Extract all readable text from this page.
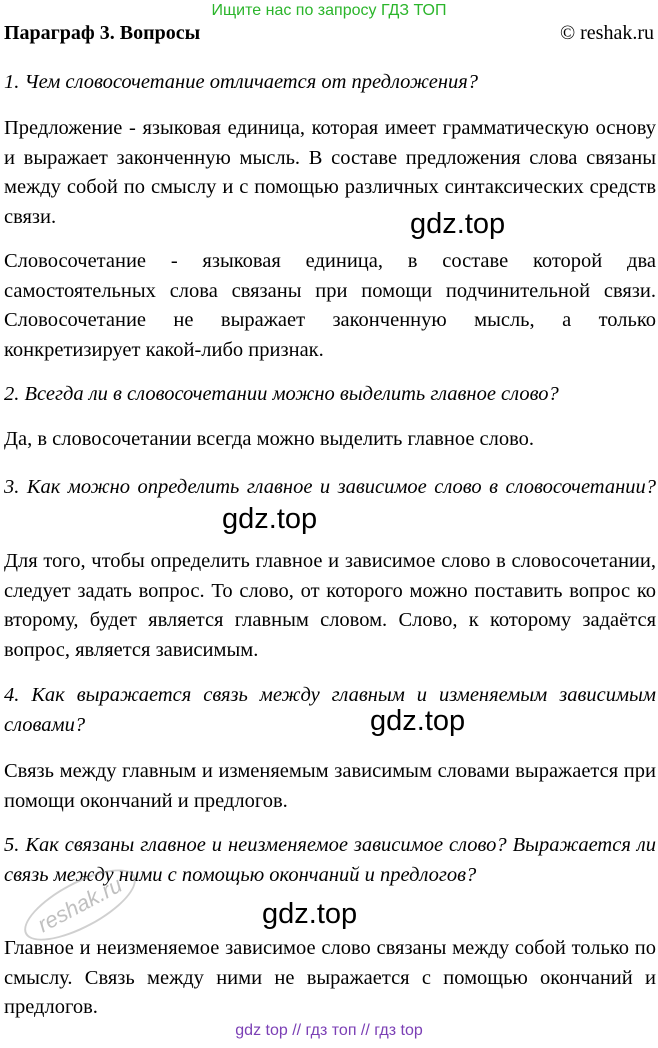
Ищите нас по запросу ГДЗ ТОП
Параграф 3. Вопросы	© reshak.ru
1. Чем словосочетание отличается от предложения?
Предложение - языковая единица, которая имеет грамматическую основу и выражает законченную мысль. В составе предложения слова связаны между собой по смыслу и с помощью различных синтаксических средств связи.
Словосочетание - языковая единица, в составе которой два самостоятельных слова связаны при помощи подчинительной связи. Словосочетание не выражает законченную мысль, а только конкретизирует какой-либо признак.
2. Всегда ли в словосочетании можно выделить главное слово?
Да, в словосочетании всегда можно выделить главное слово.
3. Как можно определить главное и зависимое слово в словосочетании?
Для того, чтобы определить главное и зависимое слово в словосочетании, следует задать вопрос. То слово, от которого можно поставить вопрос ко второму, будет является главным словом. Слово, к которому задаётся вопрос, является зависимым.
4. Как выражается связь между главным и изменяемым зависимым словами?
Связь между главным и изменяемым зависимым словами выражается при помощи окончаний и предлогов.
5. Как связаны главное и неизменяемое зависимое слово? Выражается ли связь между ними с помощью окончаний и предлогов?
Главное и неизменяемое зависимое слово связаны между собой только по смыслу. Связь между ними не выражается с помощью окончаний и предлогов.
gdz.top
gdz.top
gdz.top
gdz.top
reshak.ru
gdz top // гдз топ // гдз top
